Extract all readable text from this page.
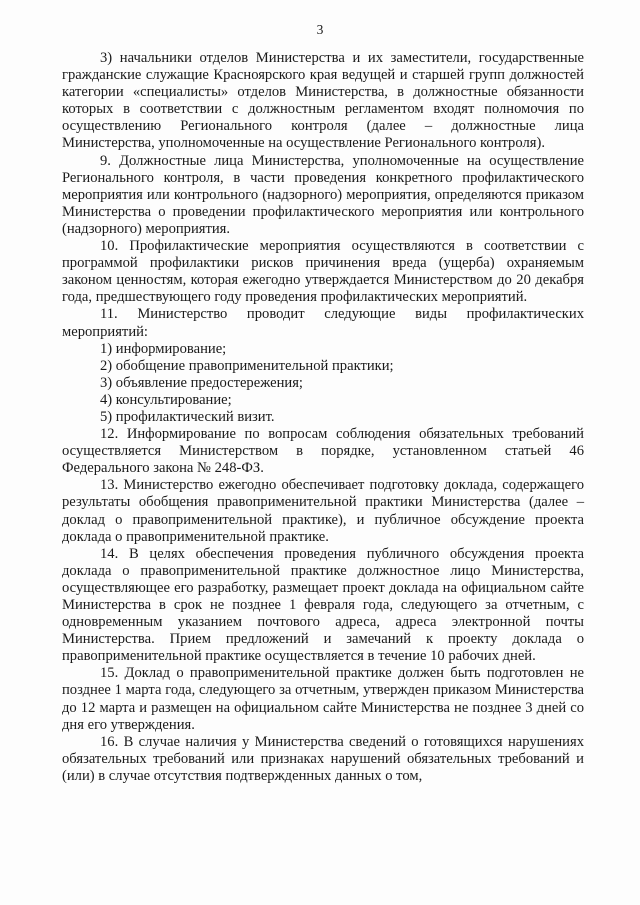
3

3) начальники отделов Министерства и их заместители, государственные гражданские служащие Красноярского края ведущей и старшей групп должностей категории «специалисты» отделов Министерства, в должностные обязанности которых в соответствии с должностным регламентом входят полномочия по осуществлению Регионального контроля (далее – должностные лица Министерства, уполномоченные на осуществление Регионального контроля).

9. Должностные лица Министерства, уполномоченные на осуществление Регионального контроля, в части проведения конкретного профилактического мероприятия или контрольного (надзорного) мероприятия, определяются приказом Министерства о проведении профилактического мероприятия или контрольного (надзорного) мероприятия.

10. Профилактические мероприятия осуществляются в соответствии с программой профилактики рисков причинения вреда (ущерба) охраняемым законом ценностям, которая ежегодно утверждается Министерством до 20 декабря года, предшествующего году проведения профилактических мероприятий.

11. Министерство проводит следующие виды профилактических мероприятий:

1) информирование;

2) обобщение правоприменительной практики;

3) объявление предостережения;

4) консультирование;

5) профилактический визит.

12. Информирование по вопросам соблюдения обязательных требований осуществляется Министерством в порядке, установленном статьей 46 Федерального закона № 248-ФЗ.

13. Министерство ежегодно обеспечивает подготовку доклада, содержащего результаты обобщения правоприменительной практики Министерства (далее – доклад о правоприменительной практике), и публичное обсуждение проекта доклада о правоприменительной практике.

14. В целях обеспечения проведения публичного обсуждения проекта доклада о правоприменительной практике должностное лицо Министерства, осуществляющее его разработку, размещает проект доклада на официальном сайте Министерства в срок не позднее 1 февраля года, следующего за отчетным, с одновременным указанием почтового адреса, адреса электронной почты Министерства. Прием предложений и замечаний к проекту доклада о правоприменительной практике осуществляется в течение 10 рабочих дней.

15. Доклад о правоприменительной практике должен быть подготовлен не позднее 1 марта года, следующего за отчетным, утвержден приказом Министерства до 12 марта и размещен на официальном сайте Министерства не позднее 3 дней со дня его утверждения.

16. В случае наличия у Министерства сведений о готовящихся нарушениях обязательных требований или признаках нарушений обязательных требований и (или) в случае отсутствия подтвержденных данных о том,
